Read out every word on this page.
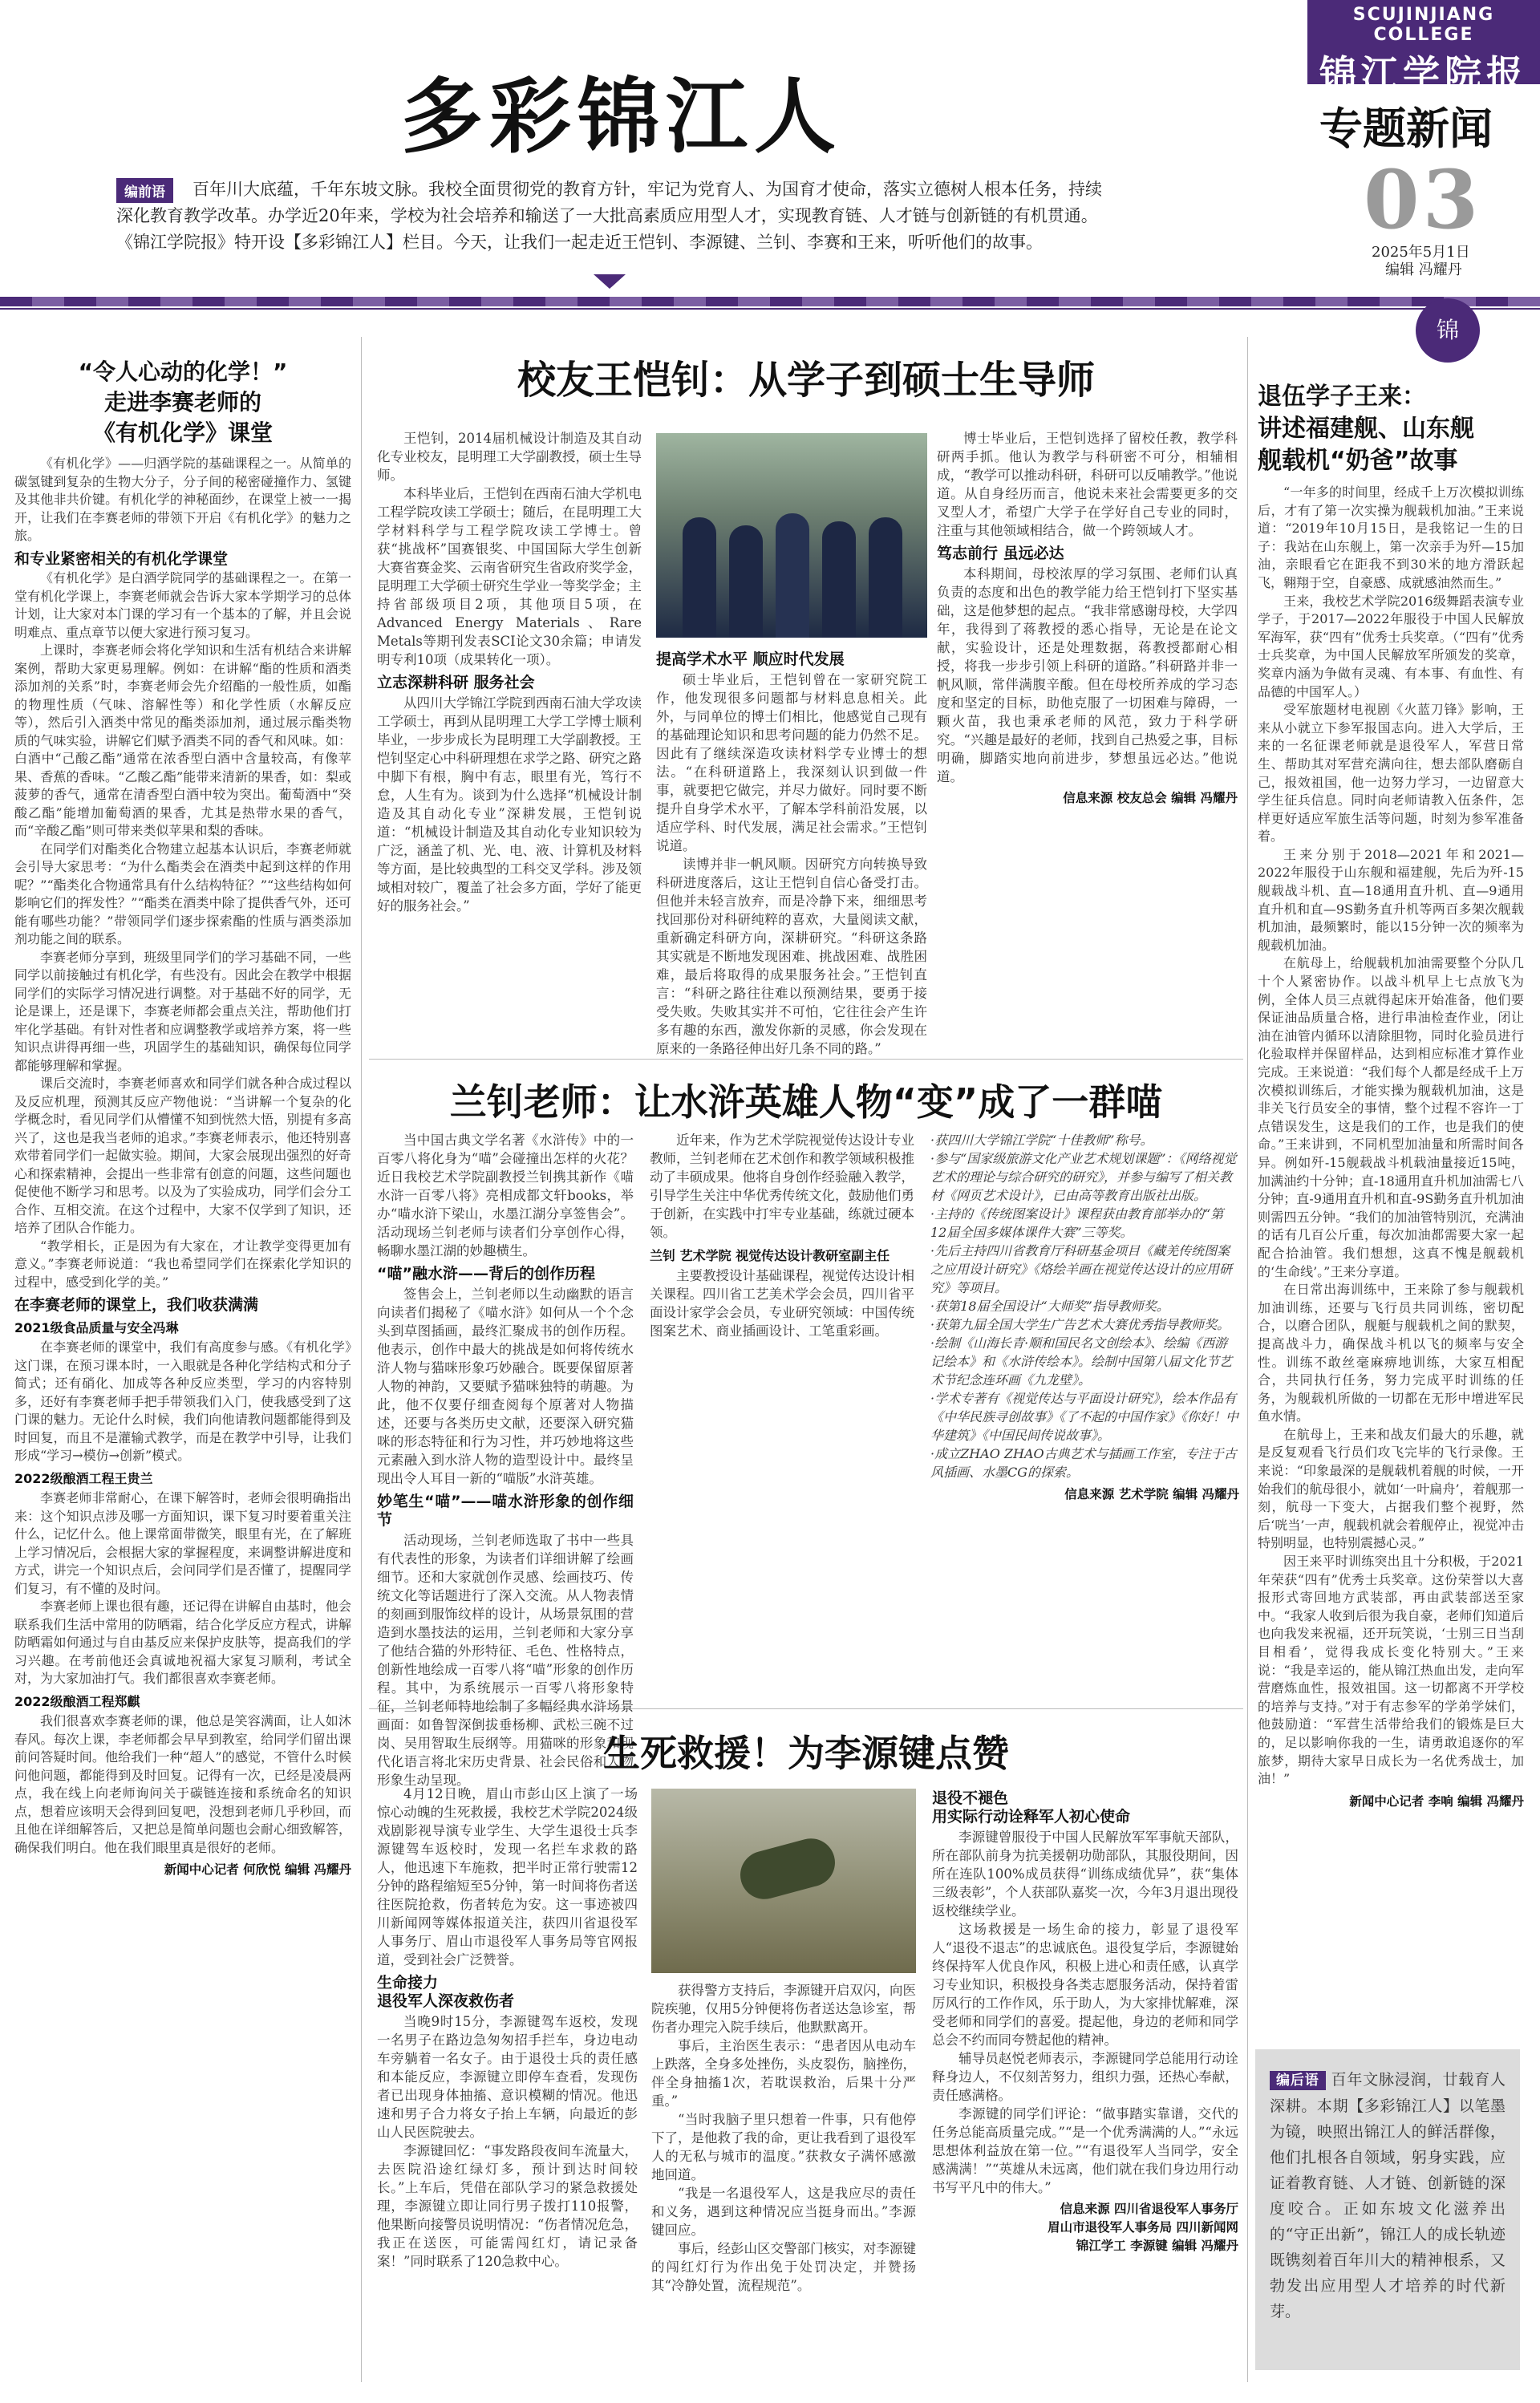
多彩锦江人
SCUJINJIANG COLLEGE
锦江学院报
专题新闻
03
2025年5月1日
编辑 冯耀丹
百年川大底蕴，千年东坡文脉。我校全面贯彻党的教育方针，牢记为党育人、为国育才使命，落实立德树人根本任务，持续深化教育教学改革。办学近20年来，学校为社会培养和输送了一大批高素质应用型人才，实现教育链、人才链与创新链的有机贯通。《锦江学院报》特开设【多彩锦江人】栏目。今天，让我们一起走近王恺钊、李源键、兰钊、李赛和王来，听听他们的故事。
编前语
锦
“令人心动的化学！”
走进李赛老师的
《有机化学》课堂

《有机化学》——归酒学院的基础课程之一。从简单的碳氢键到复杂的生物大分子，分子间的秘密碰撞作力、氢键及其他非共价键。有机化学的神秘面纱，在课堂上被一一揭开，让我们在李赛老师的带领下开启《有机化学》的魅力之旅。

和专业紧密相关的有机化学课堂

《有机化学》是白酒学院同学的基础课程之一。在第一堂有机化学课上，李赛老师就会告诉大家本学期学习的总体计划，让大家对本门课的学习有一个基本的了解，并且会说明难点、重点章节以便大家进行预习复习。

上课时，李赛老师会将化学知识和生活有机结合来讲解案例，帮助大家更易理解。例如：在讲解“酯的性质和酒类添加剂的关系”时，李赛老师会先介绍酯的一般性质，如酯的物理性质（气味、溶解性等）和化学性质（水解反应等），然后引入酒类中常见的酯类添加剂，通过展示酯类物质的气味实验，讲解它们赋予酒类不同的香气和风味。如：白酒中“己酸乙酯”通常在浓香型白酒中含量较高，有像苹果、香蕉的香味。“乙酸乙酯”能带来清新的果香，如：梨或菠萝的香气，通常在清香型白酒中较为突出。葡萄酒中“癸酸乙酯”能增加葡萄酒的果香，尤其是热带水果的香气，而“辛酸乙酯”则可带来类似苹果和梨的香味。

在同学们对酯类化合物建立起基本认识后，李赛老师就会引导大家思考：“为什么酯类会在酒类中起到这样的作用呢？”“酯类化合物通常具有什么结构特征？”“这些结构如何影响它们的挥发性？”“酯类在酒类中除了提供香气外，还可能有哪些功能？”带领同学们逐步探索酯的性质与酒类添加剂功能之间的联系。

李赛老师分享到，班级里同学们的学习基础不同，一些同学以前接触过有机化学，有些没有。因此会在教学中根据同学们的实际学习情况进行调整。对于基础不好的同学，无论是课上，还是课下，李赛老师都会重点关注，帮助他们打牢化学基础。有针对性者和应调整教学或培养方案，将一些知识点讲得再细一些，巩固学生的基础知识，确保每位同学都能够理解和掌握。

课后交流时，李赛老师喜欢和同学们就各种合成过程以及反应机理，预测其反应产物他说：“当讲解一个复杂的化学概念时，看见同学们从懵懂不知到恍然大悟，别提有多高兴了，这也是我当老师的追求。”李赛老师表示，他还特别喜欢带着同学们一起做实验。期间，大家会展现出强烈的好奇心和探索精神，会提出一些非常有创意的问题，这些问题也促使他不断学习和思考。以及为了实验成功，同学们会分工合作、互相交流。在这个过程中，大家不仅学到了知识，还培养了团队合作能力。

“教学相长，正是因为有大家在，才让教学变得更加有意义。”李赛老师说道：“我也希望同学们在探索化学知识的过程中，感受到化学的美。”

在李赛老师的课堂上，我们收获满满
2021级食品质量与安全冯琳

在李赛老师的课堂中，我们有高度参与感。《有机化学》这门课，在预习课本时，一入眼就是各种化学结构式和分子简式；还有硝化、加成等各种反应类型，学习的内容特别多，还好有李赛老师手把手带领我们入门，使我感受到了这门课的魅力。无论什么时候，我们向他请教问题都能得到及时回复，而且不是灌输式教学，而是在教学中引导，让我们形成“学习→模仿→创新”模式。

2022级酿酒工程王贵兰

李赛老师非常耐心，在课下解答时，老师会很明确指出来：这个知识点涉及哪一方面知识，课下复习时要着重关注什么，记忆什么。他上课常面带微笑，眼里有光，在了解班上学习情况后，会根据大家的掌握程度，来调整讲解进度和方式，讲完一个知识点后，会问同学们是否懂了，提醒同学们复习，有不懂的及时问。

李赛老师上课也很有趣，还记得在讲解自由基时，他会联系我们生活中常用的防晒霜，结合化学反应方程式，讲解防晒霜如何通过与自由基反应来保护皮肤等，提高我们的学习兴趣。在考前他还会真诚地祝福大家复习顺利，考试全对，为大家加油打气。我们都很喜欢李赛老师。

2022级酿酒工程郑麒

我们很喜欢李赛老师的课，他总是笑容满面，让人如沐春风。每次上课，李老师都会早早到教室，给同学们留出课前问答疑时间。他给我们一种“超人”的感觉，不管什么时候问他问题，都能得到及时回复。记得有一次，已经是凌晨两点，我在线上向老师询问关于碳链连接和系统命名的知识点，想着应该明天会得到回复吧，没想到老师几乎秒回，而且他在详细解答后，又把总是简单问题也会耐心细致解答，确保我们明白。他在我们眼里真是很好的老师。

新闻中心记者 何欣悦 编辑 冯耀丹
校友王恺钊：从学子到硕士生导师

王恺钊，2014届机械设计制造及其自动化专业校友，昆明理工大学副教授，硕士生导师。

本科毕业后，王恺钊在西南石油大学机电工程学院攻读工学硕士；随后，在昆明理工大学材料科学与工程学院攻读工学博士。曾获“挑战杯”国赛银奖、中国国际大学生创新大赛省赛金奖、云南省研究生省政府奖学金，昆明理工大学硕士研究生学业一等奖学金；主持省部级项目2项，其他项目5项，在Advanced Energy Materials、Rare Metals等期刊发表SCI论文30余篇；申请发明专利10项（成果转化一项）。

立志深耕科研 服务社会

从四川大学锦江学院到西南石油大学攻读工学硕士，再到从昆明理工大学工学博士顺利毕业，一步步成长为昆明理工大学副教授。王恺钊坚定心中科研理想在求学之路、研究之路中脚下有根，胸中有志，眼里有光，笃行不怠，人生有为。谈到为什么选择“机械设计制造及其自动化专业”深耕发展，王恺钊说道：“机械设计制造及其自动化专业知识较为广泛，涵盖了机、光、电、液、计算机及材料等方面，是比较典型的工科交叉学科。涉及领域相对较广，覆盖了社会多方面，学好了能更好的服务社会。”

提高学术水平 顺应时代发展

硕士毕业后，王恺钊曾在一家研究院工作，他发现很多问题都与材料息息相关。此外，与同单位的博士们相比，他感觉自己现有的基础理论知识和思考问题的能力仍然不足。因此有了继续深造攻读材料学专业博士的想法。“在科研道路上，我深刻认识到做一件事，就要把它做完，并尽力做好。同时要不断提升自身学术水平，了解本学科前沿发展，以适应学科、时代发展，满足社会需求。”王恺钊说道。

读博并非一帆风顺。因研究方向转换导致科研进度落后，这让王恺钊自信心备受打击。但他并未轻言放弃，而是冷静下来，细细思考找回那份对科研纯粹的喜欢，大量阅读文献，重新确定科研方向，深耕研究。“科研这条路其实就是不断地发现困难、挑战困难、战胜困难，最后将取得的成果服务社会。”王恺钊直言：“科研之路往往难以预测结果，要勇于接受失败。失败其实并不可怕，它往往会产生许多有趣的东西，激发你新的灵感，你会发现在原来的一条路径伸出好几条不同的路。”

博士毕业后，王恺钊选择了留校任教，教学科研两手抓。他认为教学与科研密不可分，相辅相成，“教学可以推动科研，科研可以反哺教学。”他说道。从自身经历而言，他说未来社会需要更多的交叉型人才，希望广大学子在学好自己专业的同时，注重与其他领域相结合，做一个跨领域人才。

笃志前行 虽远必达

本科期间，母校浓厚的学习氛围、老师们认真负责的态度和出色的教学能力给王恺钊打下坚实基础，这是他梦想的起点。“我非常感谢母校，大学四年，我得到了蒋教授的悉心指导，无论是在论文献，实验设计，还是处理数据，蒋教授都耐心相授，将我一步步引领上科研的道路。”科研路并非一帆风顺，常伴满腹辛酸。但在母校所养成的学习态度和坚定的目标，助他克服了一切困难与障碍，一颗火苗，我也秉承老师的风范，致力于科学研究。“兴趣是最好的老师，找到自己热爱之事，目标明确，脚踏实地向前进步，梦想虽远必达。”他说道。

信息来源 校友总会 编辑 冯耀丹
兰钊老师：让水浒英雄人物“变”成了一群喵

当中国古典文学名著《水浒传》中的一百零八将化身为“喵”会碰撞出怎样的火花？近日我校艺术学院副教授兰钊携其新作《喵水浒一百零八将》亮相成都文轩books，举办“喵水浒下梁山，水墨江湖分享签售会”。活动现场兰钊老师与读者们分享创作心得，畅聊水墨江湖的妙趣横生。

“喵”融水浒——背后的创作历程

签售会上，兰钊老师以生动幽默的语言向读者们揭秘了《喵水浒》如何从一个个念头到草图插画，最终汇聚成书的创作历程。他表示，创作中最大的挑战是如何将传统水浒人物与猫咪形象巧妙融合。既要保留原著人物的神韵，又要赋予猫咪独特的萌趣。为此，他不仅要仔细查阅每个原著对人物描述，还要与各类历史文献，还要深入研究猫咪的形态特征和行为习性，并巧妙地将这些元素融入到水浒人物的造型设计中。最终呈现出令人耳目一新的“喵版”水浒英雄。

妙笔生“喵”——喵水浒形象的创作细节

活动现场，兰钊老师选取了书中一些具有代表性的形象，为读者们详细讲解了绘画细节。还和大家就创作灵感、绘画技巧、传统文化等话题进行了深入交流。从人物表情的刻画到服饰纹样的设计，从场景氛围的营造到水墨技法的运用，兰钊老师和大家分享了他结合猫的外形特征、毛色、性格特点，创新性地绘成一百零八将“喵”形象的创作历程。其中，为系统展示一百零八将形象特征，兰钊老师特地绘制了多幅经典水浒场景画面：如鲁智深倒拔垂杨柳、武松三碗不过岗、吴用智取生辰纲等。用猫咪的形象和现代化语言将北宋历史背景、社会民俗和人物形象生动呈现。

近年来，作为艺术学院视觉传达设计专业教师，兰钊老师在艺术创作和教学领域积极推动了丰硕成果。他将自身创作经验融入教学，引导学生关注中华优秀传统文化，鼓励他们勇于创新，在实践中打牢专业基础，练就过硬本领。

兰钊 艺术学院 视觉传达设计教研室副主任

主要教授设计基础课程，视觉传达设计相关课程。四川省工艺美术学会会员，四川省平面设计家学会会员，专业研究领域：中国传统图案艺术、商业插画设计、工笔重彩画。

·获四川大学锦江学院“十佳教师”称号。
·参与“国家级旅游文化产业艺术规划课题”：《网络视觉艺术的理论与综合研究的研究》，并参与编写了相关教材《网页艺术设计》，已由高等教育出版社出版。
·主持的《传统图案设计》课程获由教育部举办的“第12届全国多媒体课件大赛”三等奖。
·先后主持四川省教育厅科研基金项目《藏羌传统图案之应用设计研究》《烙绘羊画在视觉传达设计的应用研究》等项目。
·获第18届全国设计“大师奖”指导教师奖。
·获第九届全国大学生广告艺术大赛优秀指导教师奖。
·绘制《山海长青·顺和国民名文创绘本》、绘编《西游记绘本》和《水浒传绘本》。绘制中国第八届文化节艺术节纪念连环画《九龙壁》。
·学术专著有《视觉传达与平面设计研究》，绘本作品有《中华民族寻创故事》《了不起的中国作家》《你好！中华建筑》《中国民间传说故事》。
·成立ZHAO ZHAO古典艺术与插画工作室，专注于古风插画、水墨CG的探索。
信息来源 艺术学院 编辑 冯耀丹
生死救援！为李源键点赞

4月12日晚，眉山市彭山区上演了一场惊心动魄的生死救援，我校艺术学院2024级戏剧影视导演专业学生、大学生退役士兵李源键驾车返校时，发现一名拦车求救的路人，他迅速下车施救，把半时正常行驶需12分钟的路程缩短至5分钟，第一时间将伤者送往医院抢救，伤者转危为安。这一事迹被四川新闻网等媒体报道关注，获四川省退役军人事务厅、眉山市退役军人事务局等官网报道，受到社会广泛赞誉。

生命接力
退役军人深夜救伤者

当晚9时15分，李源键驾车返校，发现一名男子在路边急匆匆招手拦车，身边电动车旁躺着一名女子。由于退役士兵的责任感和本能反应，李源键立即停车查看，发现伤者已出现身体抽搐、意识模糊的情况。他迅速和男子合力将女子抬上车辆，向最近的彭山人民医院驶去。

李源键回忆：“事发路段夜间车流量大，去医院沿途红绿灯多，预计到达时间较长。”上车后，凭借在部队学习的紧急救援处理，李源键立即让同行男子拨打110报警，他果断向接警员说明情况：“伤者情况危急，我正在送医，可能需闯红灯，请记录备案！”同时联系了120急救中心。

获得警方支持后，李源键开启双闪，向医院疾驰，仅用5分钟便将伤者送达急诊室，帮伤者办理完入院手续后，他默默离开。

事后，主治医生表示：“患者因从电动车上跌落，全身多处挫伤，头皮裂伤，脑挫伤，伴全身抽搐1次，若耽误救治，后果十分严重。”

“当时我脑子里只想着一件事，只有他停下了，是他救了我的命，更让我看到了退役军人的无私与城市的温度。”获救女子满怀感激地回道。

“我是一名退役军人，这是我应尽的责任和义务，遇到这种情况应当挺身而出。”李源键回应。

事后，经彭山区交警部门核实，对李源键的闯红灯行为作出免于处罚决定，并赞扬其“冷静处置，流程规范”。

退役不褪色
用实际行动诠释军人初心使命

李源键曾服役于中国人民解放军军事航天部队，所在部队前身为抗美援朝功勋部队，其服役期间，因所在连队100%成员获得“训练成绩优异”，获“集体三级表彰”，个人获部队嘉奖一次，今年3月退出现役返校继续学业。

这场救援是一场生命的接力，彰显了退役军人“退役不退志”的忠诚底色。退役复学后，李源键始终保持军人优良作风，积极上进心和责任感，认真学习专业知识，积极投身各类志愿服务活动，保持着雷厉风行的工作作风，乐于助人，为大家排忧解难，深受老师和同学们的喜爱。提起他，身边的老师和同学总会不约而同夸赞起他的精神。

辅导员赵悦老师表示，李源键同学总能用行动诠释身边人，不仅刻苦努力，组织力强，还热心奉献，责任感满格。

李源键的同学们评论：“做事踏实靠谱，交代的任务总能高质量完成。”“是一个优秀满满的人。”“永远思想体利益放在第一位。”“有退役军人当同学，安全感满满！”“英雄从未远离，他们就在我们身边用行动书写平凡中的伟大。”

信息来源 四川省退役军人事务厅
眉山市退役军人事务局 四川新闻网
锦江学工 李源键 编辑 冯耀丹
退伍学子王来：
讲述福建舰、山东舰
舰载机“奶爸”故事

“一年多的时间里，经成千上万次模拟训练后，才有了第一次实操为舰载机加油。”王来说道：“2019年10月15日，是我铭记一生的日子：我站在山东舰上，第一次亲手为歼—15加油，亲眼看它在距我不到30米的地方滑跃起飞，翱翔于空，自豪感、成就感油然而生。”

王来，我校艺术学院2016级舞蹈表演专业学子，于2017—2022年服役于中国人民解放军海军，获“四有”优秀士兵奖章。（“四有”优秀士兵奖章，为中国人民解放军所颁发的奖章，奖章内涵为争做有灵魂、有本事、有血性、有品德的中国军人。）

受军旅题材电视剧《火蓝刀锋》影响，王来从小就立下参军报国志向。进入大学后，王来的一名征课老师就是退役军人，军营日常生、帮助其对军营充满向往，想去部队磨砺自己，报效祖国，他一边努力学习，一边留意大学生征兵信息。同时向老师请教入伍条件，怎样更好适应军旅生活等问题，时刻为参军准备着。

王来分别于2018—2021年和2021—2022年服役于山东舰和福建舰，先后为歼-15舰载战斗机、直—18通用直升机、直—9通用直升机和直—9S勤务直升机等两百多架次舰载机加油，最频繁时，能以15分钟一次的频率为舰载机加油。

在航母上，给舰载机加油需要整个分队几十个人紧密协作。以战斗机早上七点放飞为例，全体人员三点就得起床开始准备，他们要保证油品质量合格，进行串油检查作业，闭让油在油管内循环以清除胆物，同时化验员进行化验取样并保留样品，达到相应标准才算作业完成。王来说道：“我们每个人都是经成千上万次模拟训练后，才能实操为舰载机加油，这是非关飞行员安全的事情，整个过程不容许一丁点错误发生，这是我们的工作，也是我们的使命。”王来讲到，不同机型加油量和所需时间各异。例如歼-15舰载战斗机载油量接近15吨，加满油约十分钟；直-18通用直升机加油需七八分钟；直-9通用直升机和直-9S勤务直升机加油则需四五分钟。“我们的加油管特别沉，充满油的话有几百公斤重，每次加油都需要大家一起配合拾油管。我们想想，这真不愧是舰载机的‘生命线’。”王来分享道。

在日常出海训练中，王来除了参与舰载机加油训练，还要与飞行员共同训练，密切配合，以磨合团队，舰艇与舰载机之间的默契，提高战斗力，确保战斗机以飞的频率与安全性。训练不敢丝毫麻痹地训练，大家互相配合，共同执行任务，努力完成平时训练的任务，为舰载机所做的一切都在无形中增进军民鱼水情。

在航母上，王来和战友们最大的乐趣，就是反复观看飞行员们攻飞完毕的飞行录像。王来说：“印象最深的是舰载机着舰的时候，一开始我们的航母很小，就如‘一叶扁舟’，着舰那一刻，航母一下变大，占据我们整个视野，然后‘咣当’一声，舰载机就会着舰停止，视觉冲击特别明显，也特别震撼心灵。”

因王来平时训练突出且十分积极，于2021年荣获“四有”优秀士兵奖章。这份荣誉以大喜报形式寄回地方武装部，再由武装部送至家中。“我家人收到后很为我自豪，老师们知道后也向我发来祝福，还开玩笑说，‘士别三日当刮目相看’，觉得我成长变化特别大。”王来说：“我是幸运的，能从锦江热血出发，走向军营磨炼血性，报效祖国。这一切都离不开学校的培养与支持。”对于有志参军的学弟学妹们，他鼓励道：“军营生活带给我们的锻炼是巨大的，足以影响你我的一生，请勇敢追逐你的军旅梦，期待大家早日成长为一名优秀战士，加油！”

新闻中心记者 李响 编辑 冯耀丹
编后语 百年文脉浸润，廿载育人深耕。本期【多彩锦江人】以笔墨为镜，映照出锦江人的鲜活群像，他们扎根各自领域，躬身实践，应证着教育链、人才链、创新链的深度咬合。正如东坡文化滋养出的“守正出新”，锦江人的成长轨迹既镌刻着百年川大的精神根系，又勃发出应用型人才培养的时代新芽。
